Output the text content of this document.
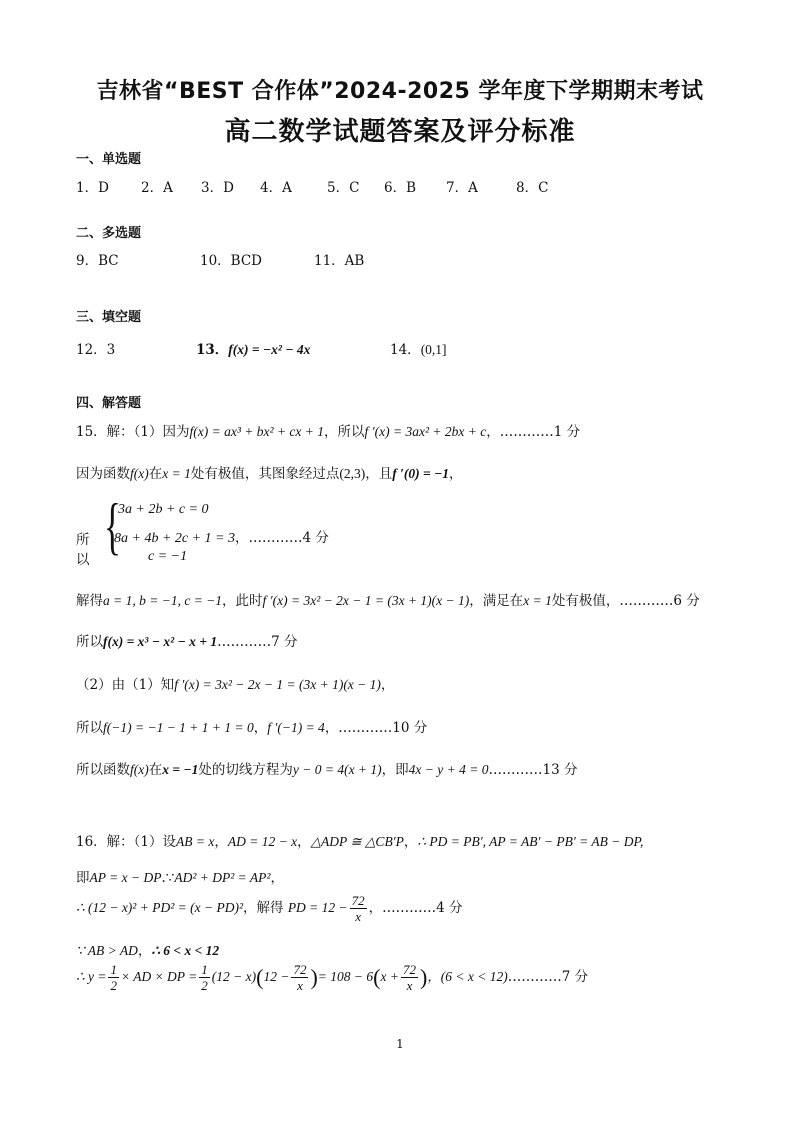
吉林省“BEST 合作体”2024-2025 学年度下学期期末考试
高二数学试题答案及评分标准
一、单选题
1．D 2．A 3．D 4．A	5．C 6．B 7．A	8．C
二、多选题
9．BC	10．BCD	11．AB
三、填空题
12．3	13．f(x) = −x² − 4x	14．(0,1]
四、解答题
15．解：（1）因为f(x) = ax³ + bx² + cx + 1，所以f ′(x) = 3ax² + 2bx + c，…………1 分
因为函数f(x)在x = 1处有极值，其图象经过点(2,3)，且f ′(0) = −1，
所以 {
3a + 2b + c = 0
8a + 4b + 2c + 1 = 3，…………4 分
c = −1
解得a = 1, b = −1, c = −1，此时f ′(x) = 3x² − 2x − 1 = (3x + 1)(x − 1)，满足在x = 1处有极值，…………6 分
所以f(x) = x³ − x² − x + 1…………7 分
（2）由（1）知f ′(x) = 3x² − 2x − 1 = (3x + 1)(x − 1)，
所以f(−1) = −1 − 1 + 1 + 1 = 0，f ′(−1) = 4，…………10 分
所以函数f(x)在x = −1处的切线方程为y − 0 = 4(x + 1)，即4x − y + 4 = 0…………13 分
16．解：（1）设AB = x，AD = 12 − x，△ADP ≅ △CB′P，∴ PD = PB′, AP = AB′ − PB′ = AB − DP,
即AP = x − DP.∵AD² + DP² = AP²，
∴ (12 − x)² + PD² = (x − PD)²，解得 PD = $12 - \frac{72}{x}$ ，…………4 分
∵ AB > AD，∴ 6 < x < 12
∴ $y = \frac{1}{2}$ × AD × DP = $\frac{1}{2} (12 - x)(12 - \frac{72}{x}$ )= $108 - 6(x + \frac{72}{x}$ )，(6 < x < 12)…………7 分
1
